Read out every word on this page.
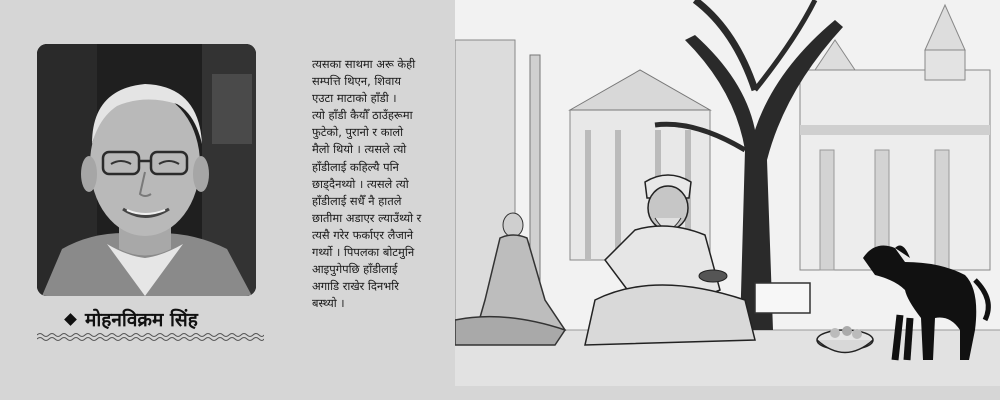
मोहनविक्रम सिंह
त्यसका साथमा अरू केही
सम्पत्ति थिएन, शिवाय
एउटा माटाको हाँडी ।
त्यो हाँडी कैयौँ ठाउँहरूमा
फुटेको, पुरानो र कालो
मैलो थियो । त्यसले त्यो
हाँडीलाई कहिल्यै पनि
छाड्दैनथ्यो । त्यसले त्यो
हाँडीलाई सधैँ नै हातले
छातीमा अडाएर ल्याउँथ्यो र
त्यसै गरेर फर्काएर लैजाने
गर्थ्यो । पिपलका बोटमुनि
आइपुगेपछि हाँडीलाई
अगाडि राखेर दिनभरि
बस्थ्यो ।
